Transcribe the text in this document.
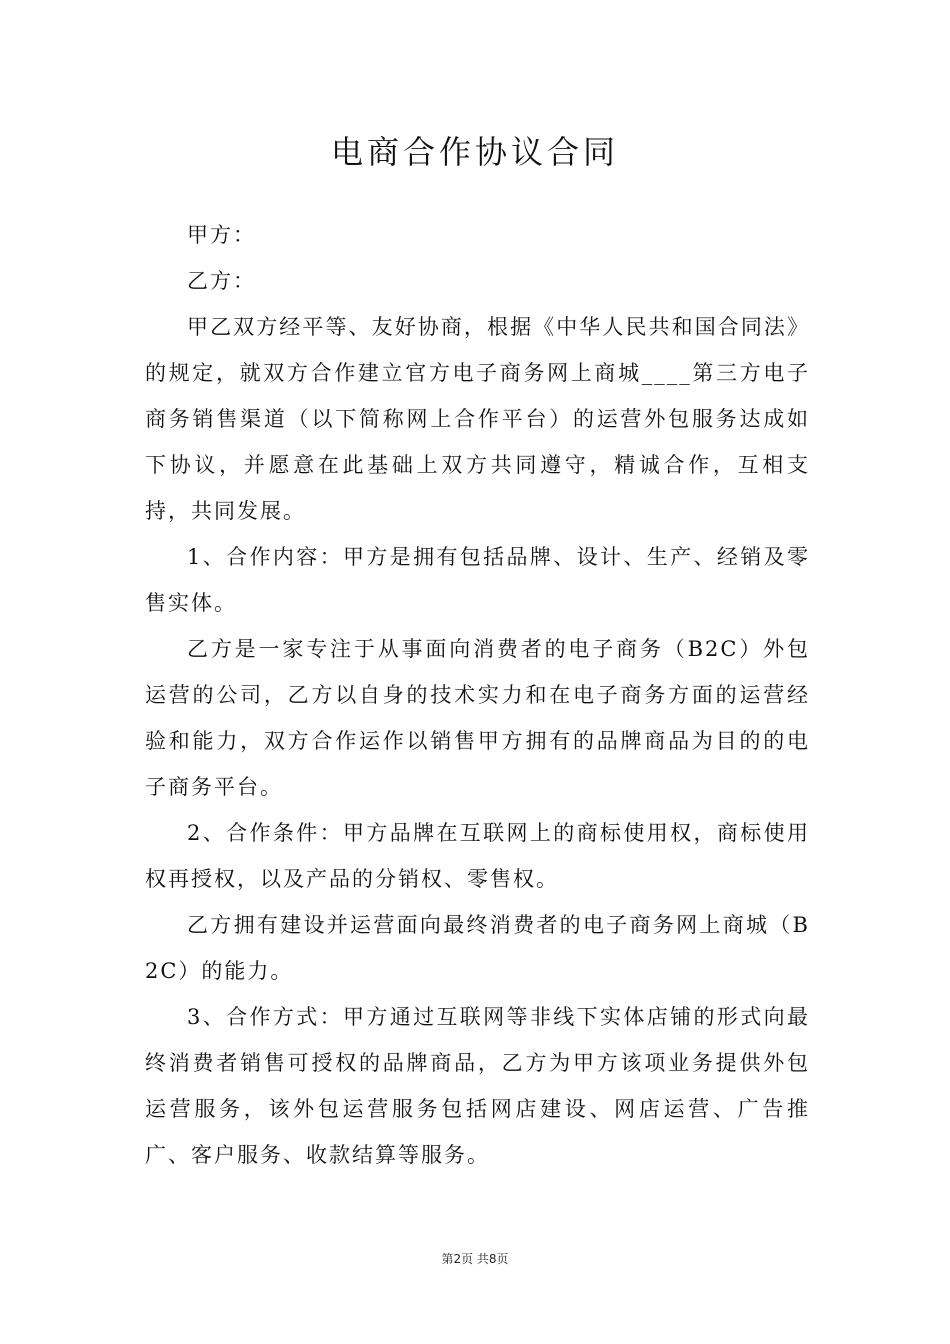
电商合作协议合同

甲方：

乙方：

甲乙双方经平等、友好协商，根据《中华人民共和国合同法》的规定，就双方合作建立官方电子商务网上商城____第三方电子商务销售渠道（以下简称网上合作平台）的运营外包服务达成如下协议，并愿意在此基础上双方共同遵守，精诚合作，互相支持，共同发展。

1、合作内容：甲方是拥有包括品牌、设计、生产、经销及零售实体。

乙方是一家专注于从事面向消费者的电子商务（B2C）外包运营的公司，乙方以自身的技术实力和在电子商务方面的运营经验和能力，双方合作运作以销售甲方拥有的品牌商品为目的的电子商务平台。

2、合作条件：甲方品牌在互联网上的商标使用权，商标使用权再授权，以及产品的分销权、零售权。

乙方拥有建设并运营面向最终消费者的电子商务网上商城（B2C）的能力。

3、合作方式：甲方通过互联网等非线下实体店铺的形式向最终消费者销售可授权的品牌商品，乙方为甲方该项业务提供外包运营服务，该外包运营服务包括网店建设、网店运营、广告推广、客户服务、收款结算等服务。

第2页 共8页
